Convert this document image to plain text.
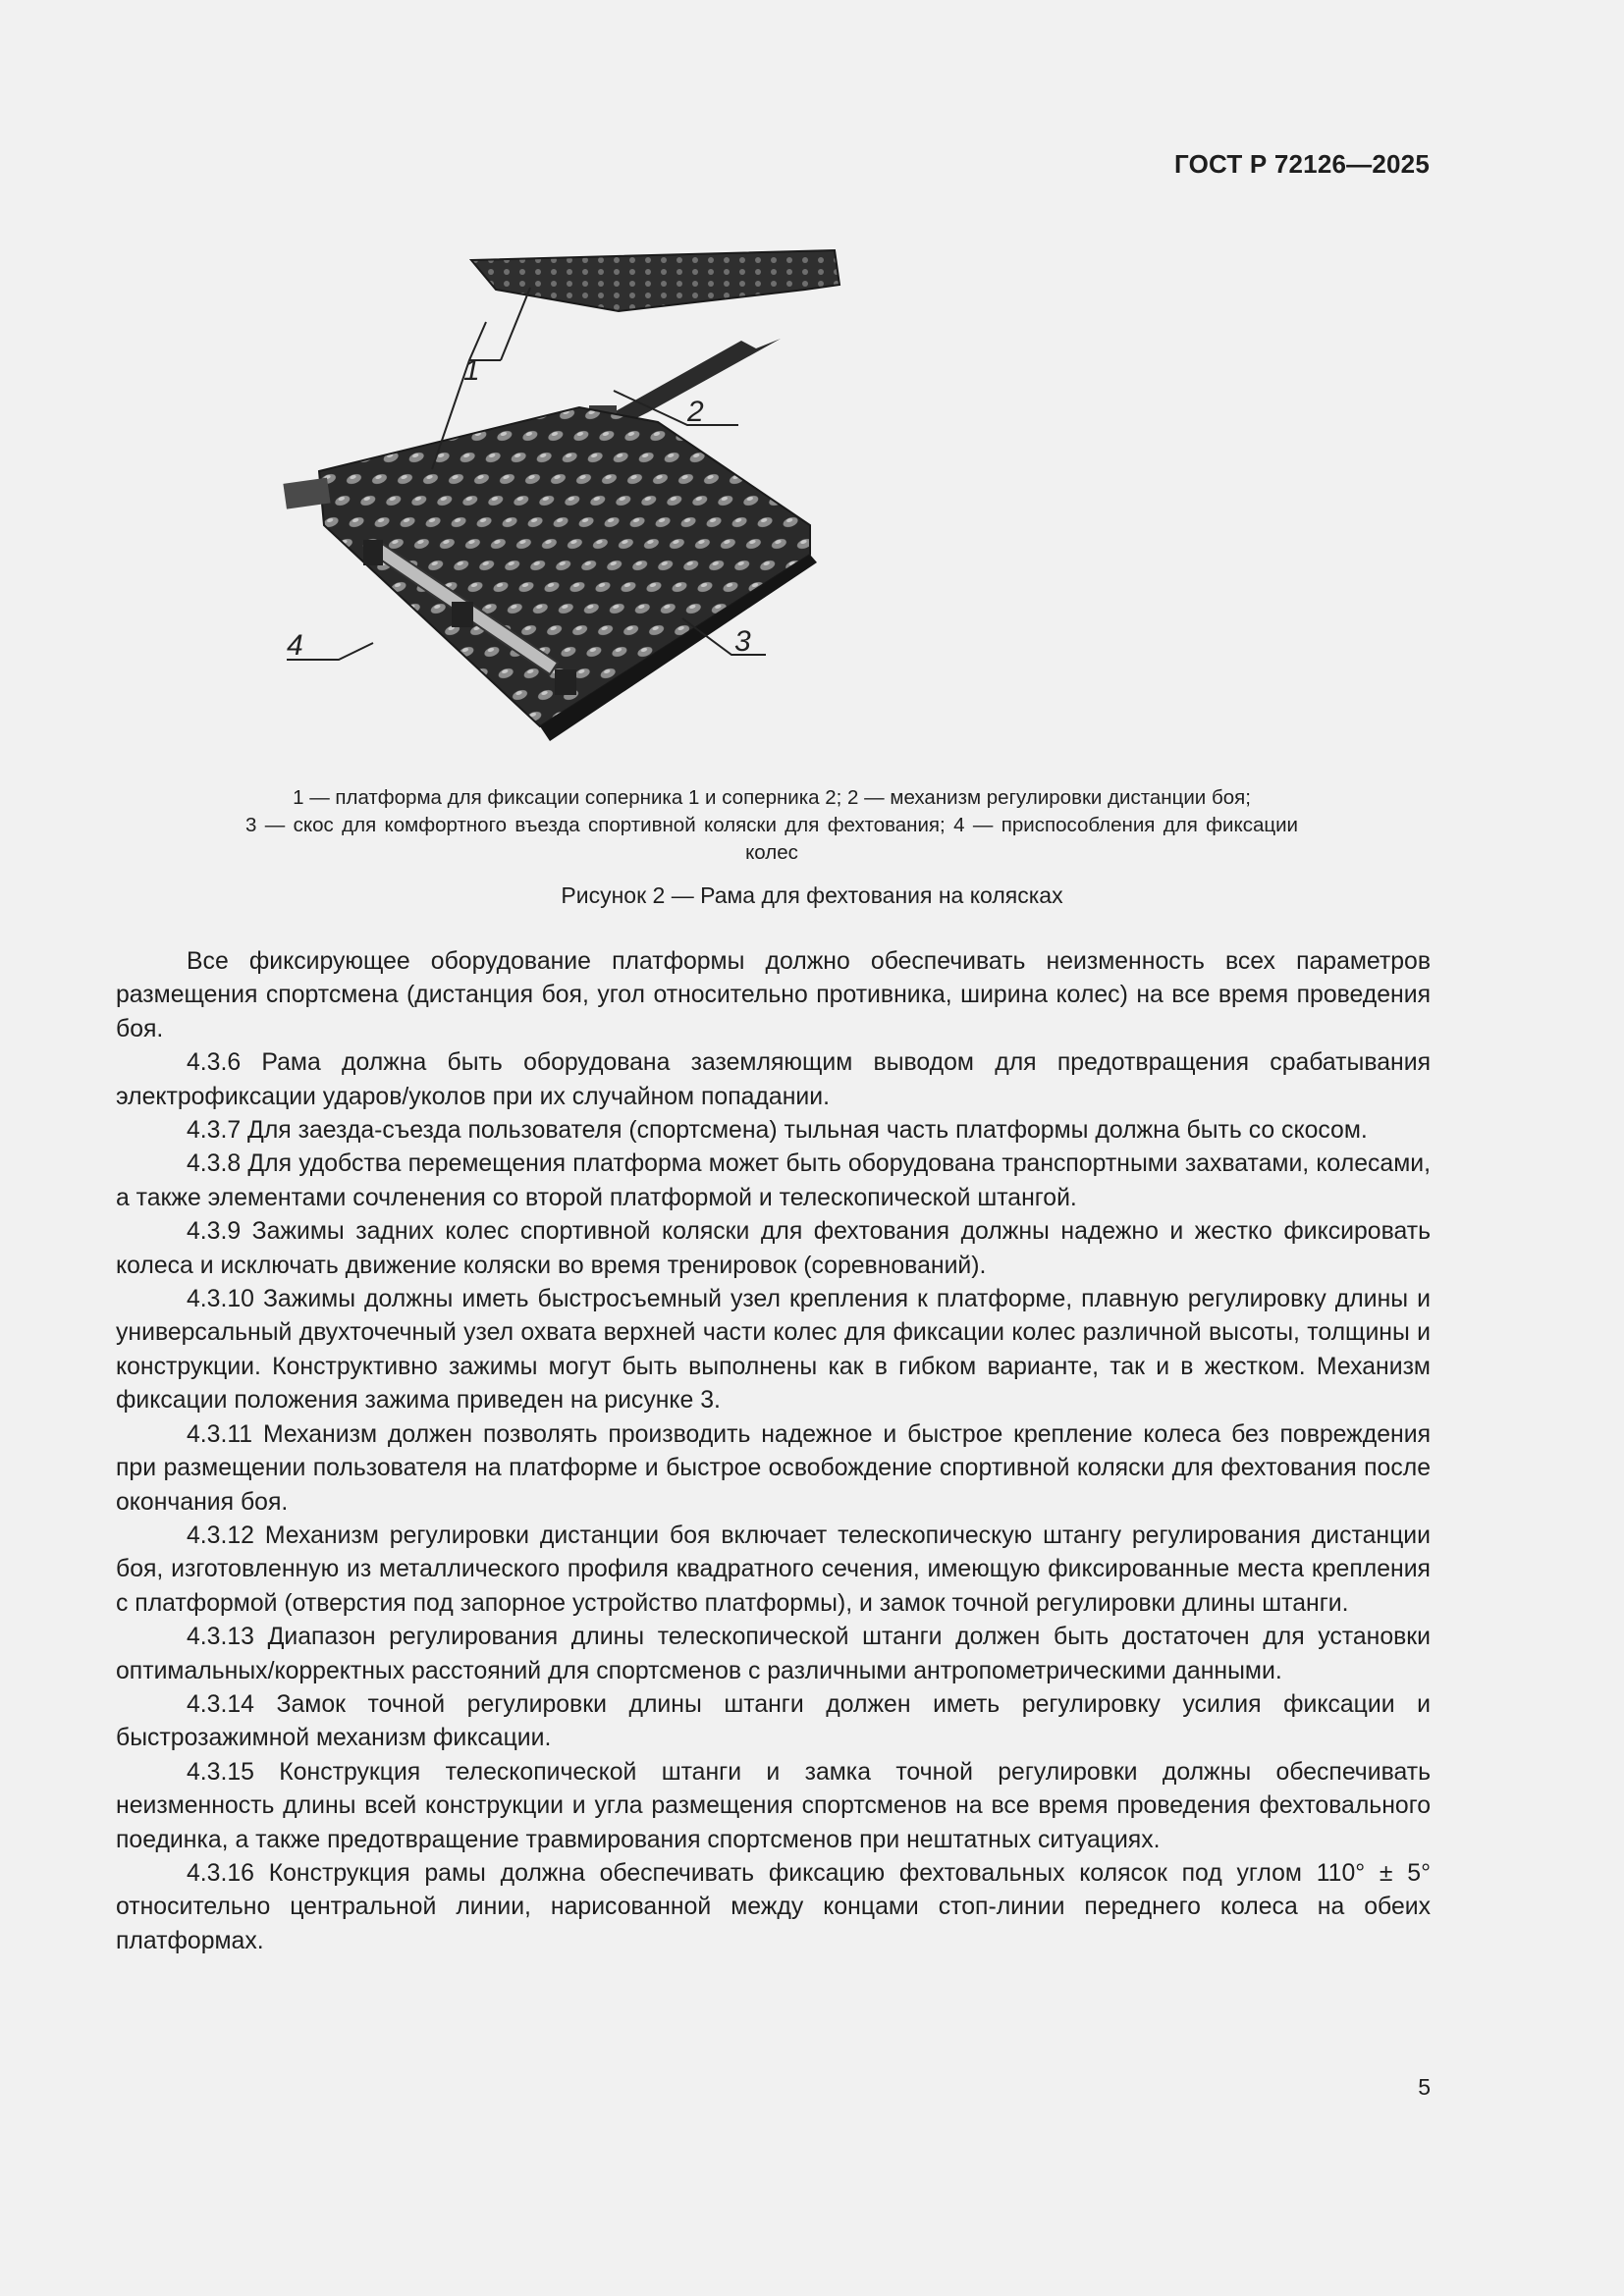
ГОСТ Р 72126—2025
1
2
3
4

1 — платформа для фиксации соперника 1 и соперника 2; 2 — механизм регулировки дистанции боя;

3 — скос для комфортного въезда спортивной коляски для фехтования; 4 — приспособления для фиксации колес

Рисунок 2 — Рама для фехтования на колясках

Все фиксирующее оборудование платформы должно обеспечивать неизменность всех параметров размещения спортсмена (дистанция боя, угол относительно противника, ширина колес) на все время проведения боя.

4.3.6 Рама должна быть оборудована заземляющим выводом для предотвращения срабатывания электрофиксации ударов/уколов при их случайном попадании.

4.3.7 Для заезда-съезда пользователя (спортсмена) тыльная часть платформы должна быть со скосом.

4.3.8 Для удобства перемещения платформа может быть оборудована транспортными захватами, колесами, а также элементами сочленения со второй платформой и телескопической штангой.

4.3.9 Зажимы задних колес спортивной коляски для фехтования должны надежно и жестко фиксировать колеса и исключать движение коляски во время тренировок (соревнований).

4.3.10 Зажимы должны иметь быстросъемный узел крепления к платформе, плавную регулировку длины и универсальный двухточечный узел охвата верхней части колес для фиксации колес различной высоты, толщины и конструкции. Конструктивно зажимы могут быть выполнены как в гибком варианте, так и в жестком. Механизм фиксации положения зажима приведен на рисунке 3.

4.3.11 Механизм должен позволять производить надежное и быстрое крепление колеса без повреждения при размещении пользователя на платформе и быстрое освобождение спортивной коляски для фехтования после окончания боя.

4.3.12 Механизм регулировки дистанции боя включает телескопическую штангу регулирования дистанции боя, изготовленную из металлического профиля квадратного сечения, имеющую фиксированные места крепления с платформой (отверстия под запорное устройство платформы), и замок точной регулировки длины штанги.

4.3.13 Диапазон регулирования длины телескопической штанги должен быть достаточен для установки оптимальных/корректных расстояний для спортсменов с различными антропометрическими данными.

4.3.14 Замок точной регулировки длины штанги должен иметь регулировку усилия фиксации и быстрозажимной механизм фиксации.

4.3.15 Конструкция телескопической штанги и замка точной регулировки должны обеспечивать неизменность длины всей конструкции и угла размещения спортсменов на все время проведения фехтовального поединка, а также предотвращение травмирования спортсменов при нештатных ситуациях.

4.3.16 Конструкция рамы должна обеспечивать фиксацию фехтовальных колясок под углом 110° ± 5° относительно центральной линии, нарисованной между концами стоп-линии переднего колеса на обеих платформах.

5
